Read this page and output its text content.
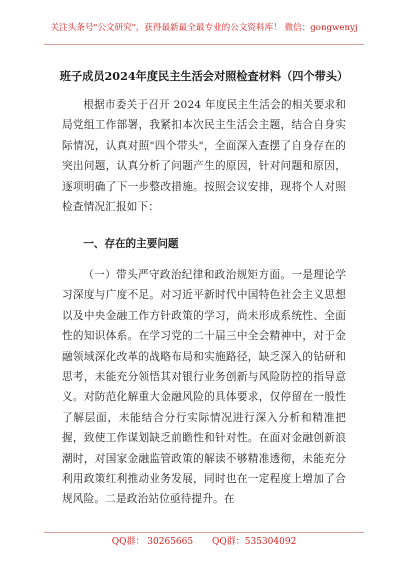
关注头条号"公文研究"，获得最新最全最专业的公文资料库！ 微信：gongwenyj
班子成员2024年度民主生活会对照检查材料（四个带头）
根据市委关于召开 2024 年度民主生活会的相关要求和局党组工作部署，我紧扣本次民主生活会主题，结合自身实际情况，认真对照"四个带头"，全面深入查摆了自身存在的突出问题，认真分析了问题产生的原因，针对问题和原因，逐项明确了下一步整改措施。按照会议安排，现将个人对照检查情况汇报如下：
一、存在的主要问题
（一）带头严守政治纪律和政治规矩方面。一是理论学习深度与广度不足。对习近平新时代中国特色社会主义思想以及中央金融工作方针政策的学习，尚未形成系统性、全面性的知识体系。在学习党的二十届三中全会精神中，对于金融领域深化改革的战略布局和实施路径，缺乏深入的钻研和思考，未能充分领悟其对银行业务创新与风险防控的指导意义。对防范化解重大金融风险的具体要求，仅停留在一般性了解层面，未能结合分行实际情况进行深入分析和精准把握，致使工作谋划缺乏前瞻性和针对性。在面对金融创新浪潮时，对国家金融监管政策的解读不够精准透彻，未能充分利用政策红利推动业务发展，同时也在一定程度上增加了合规风险。二是政治站位亟待提升。在
QQ群： 30265665 QQ群：535304092
